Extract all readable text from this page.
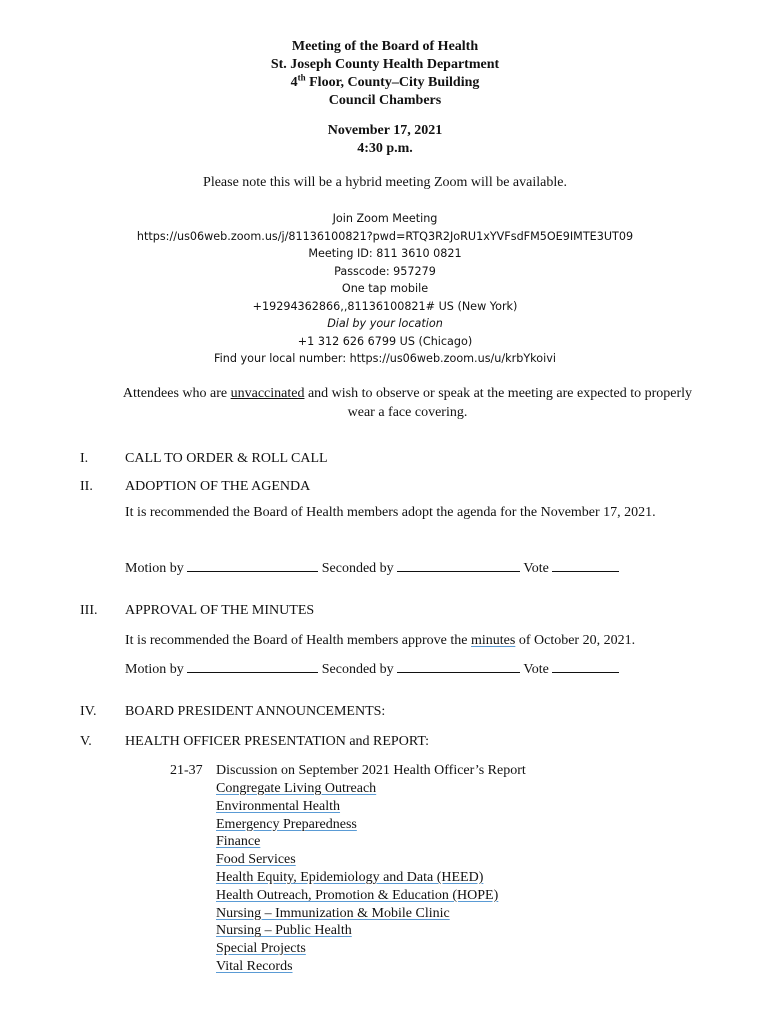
Meeting of the Board of Health
St. Joseph County Health Department
4th Floor, County–City Building
Council Chambers
November 17, 2021
4:30 p.m.
Please note this will be a hybrid meeting Zoom will be available.
Join Zoom Meeting
https://us06web.zoom.us/j/81136100821?pwd=RTQ3R2JoRU1xYVFsdFM5OE9IMTE3UT09
Meeting ID: 811 3610 0821
Passcode: 957279
One tap mobile
+19294362866,,81136100821# US (New York)
Dial by your location
+1 312 626 6799 US (Chicago)
Find your local number: https://us06web.zoom.us/u/krbYkoivi
Attendees who are unvaccinated and wish to observe or speak at the meeting are expected to properly wear a face covering.
I.	CALL TO ORDER & ROLL CALL
II. ADOPTION OF THE AGENDA
It is recommended the Board of Health members adopt the agenda for the November 17, 2021.
Motion by	Seconded by	Vote
III. APPROVAL OF THE MINUTES
It is recommended the Board of Health members approve the minutes of October 20, 2021.
Motion by	Seconded by	Vote
IV. BOARD PRESIDENT ANNOUNCEMENTS:
V. HEALTH OFFICER PRESENTATION and REPORT:
21-37 Discussion on September 2021 Health Officer’s Report
Congregate Living Outreach
Environmental Health
Emergency Preparedness
Finance
Food Services
Health Equity, Epidemiology and Data (HEED)
Health Outreach, Promotion & Education (HOPE)
Nursing – Immunization & Mobile Clinic
Nursing – Public Health
Special Projects
Vital Records
